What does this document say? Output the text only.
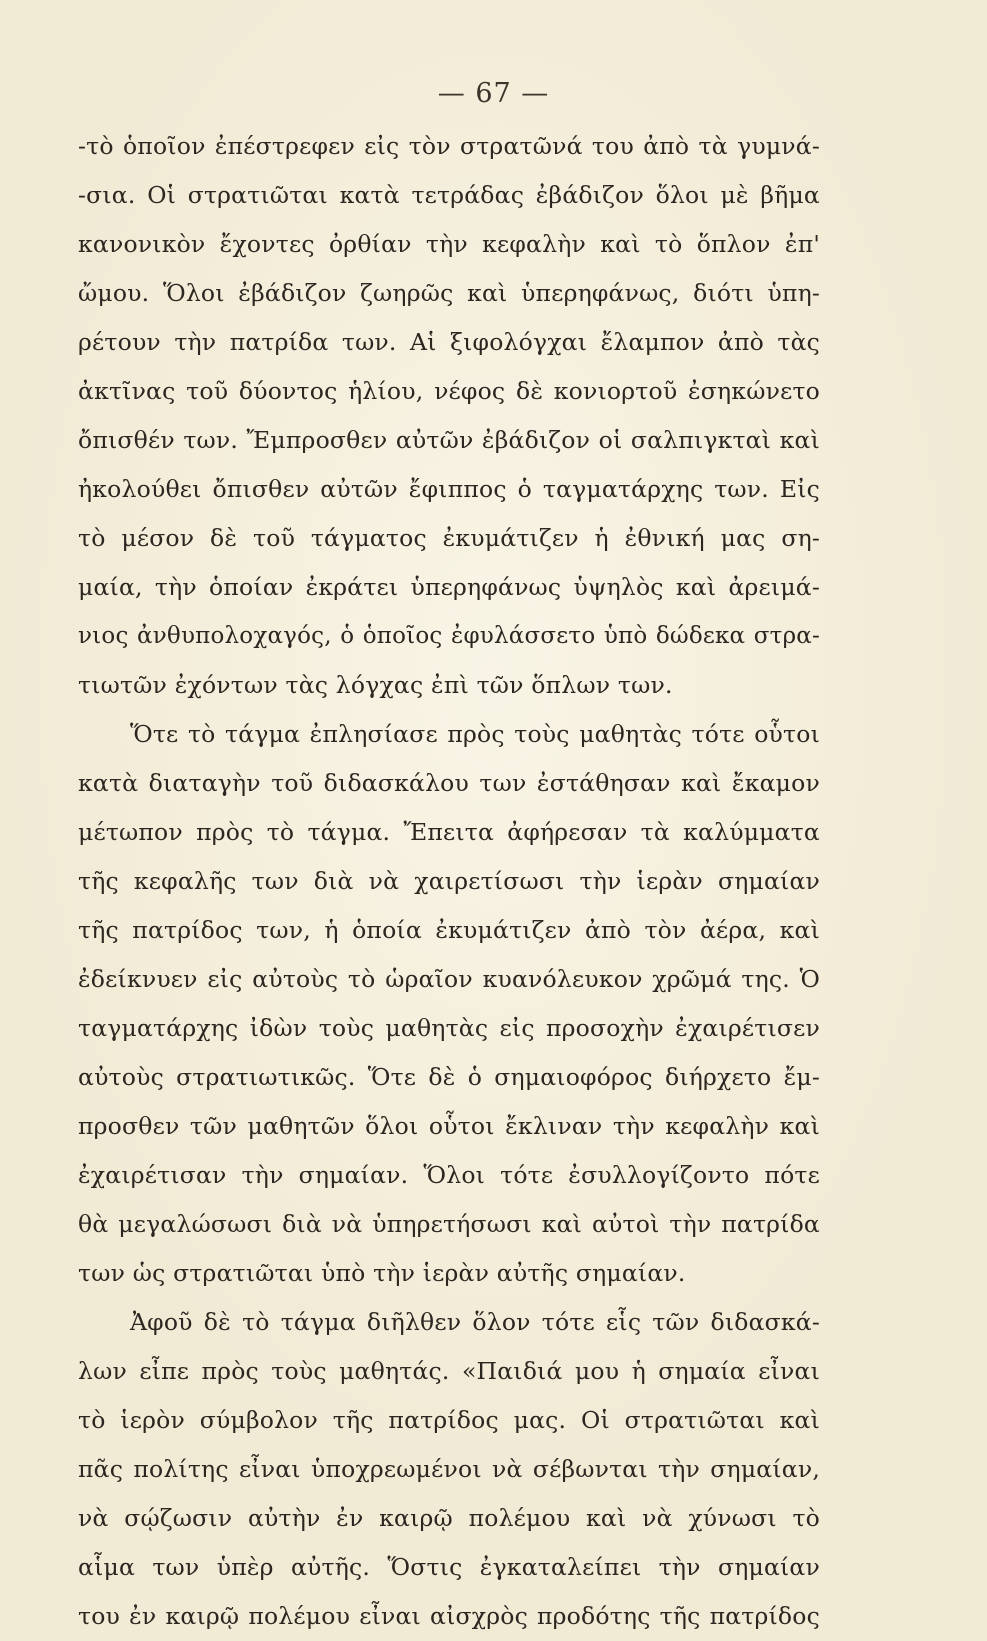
— 67 —
-τὸ ὁποῖον ἐπέστρεφεν εἰς τὸν στρατῶνά του ἀπὸ τὰ γυμνά-
-σια. Οἱ στρατιῶται κατὰ τετράδας ἐβάδιζον ὅλοι μὲ βῆμα
κανονικὸν ἔχοντες ὀρθίαν τὴν κεφαλὴν καὶ τὸ ὅπλον ἐπ'
ὤμου. Ὅλοι ἐβάδιζον ζωηρῶς καὶ ὑπερηφάνως, διότι ὑπη-
ρέτουν τὴν πατρίδα των. Αἱ ξιφολόγχαι ἔλαμπον ἀπὸ τὰς
ἀκτῖνας τοῦ δύοντος ἡλίου, νέφος δὲ κονιορτοῦ ἐσηκώνετο
ὄπισθέν των. Ἔμπροσθεν αὐτῶν ἐβάδιζον οἱ σαλπιγκταὶ καὶ
ἠκολούθει ὄπισθεν αὐτῶν ἔφιππος ὁ ταγματάρχης των. Εἰς
τὸ μέσον δὲ τοῦ τάγματος ἐκυμάτιζεν ἡ ἐθνική μας ση-
μαία, τὴν ὁποίαν ἐκράτει ὑπερηφάνως ὑψηλὸς καὶ ἀρειμά-
νιος ἀνθυπολοχαγός, ὁ ὁποῖος ἐφυλάσσετο ὑπὸ δώδεκα στρα-
τιωτῶν ἐχόντων τὰς λόγχας ἐπὶ τῶν ὅπλων των.
Ὅτε τὸ τάγμα ἐπλησίασε πρὸς τοὺς μαθητὰς τότε οὗτοι
κατὰ διαταγὴν τοῦ διδασκάλου των ἐστάθησαν καὶ ἔκαμον
μέτωπον πρὸς τὸ τάγμα. Ἔπειτα ἀφήρεσαν τὰ καλύμματα
τῆς κεφαλῆς των διὰ νὰ χαιρετίσωσι τὴν ἱερὰν σημαίαν
τῆς πατρίδος των, ἡ ὁποία ἐκυμάτιζεν ἀπὸ τὸν ἀέρα, καὶ
ἐδείκνυεν εἰς αὐτοὺς τὸ ὡραῖον κυανόλευκον χρῶμά της. Ὁ
ταγματάρχης ἰδὼν τοὺς μαθητὰς εἰς προσοχὴν ἐχαιρέτισεν
αὐτοὺς στρατιωτικῶς. Ὅτε δὲ ὁ σημαιοφόρος διήρχετο ἔμ-
προσθεν τῶν μαθητῶν ὅλοι οὗτοι ἔκλιναν τὴν κεφαλὴν καὶ
ἐχαιρέτισαν τὴν σημαίαν. Ὅλοι τότε ἐσυλλογίζοντο πότε
θὰ μεγαλώσωσι διὰ νὰ ὑπηρετήσωσι καὶ αὐτοὶ τὴν πατρίδα
των ὡς στρατιῶται ὑπὸ τὴν ἱερὰν αὐτῆς σημαίαν.
Ἀφοῦ δὲ τὸ τάγμα διῆλθεν ὅλον τότε εἷς τῶν διδασκά-
λων εἶπε πρὸς τοὺς μαθητάς. «Παιδιά μου ἡ σημαία εἶναι
τὸ ἱερὸν σύμβολον τῆς πατρίδος μας. Οἱ στρατιῶται καὶ
πᾶς πολίτης εἶναι ὑποχρεωμένοι νὰ σέβωνται τὴν σημαίαν,
νὰ σῴζωσιν αὐτὴν ἐν καιρῷ πολέμου καὶ νὰ χύνωσι τὸ
αἷμα των ὑπὲρ αὐτῆς. Ὅστις ἐγκαταλείπει τὴν σημαίαν
του ἐν καιρῷ πολέμου εἶναι αἰσχρὸς προδότης τῆς πατρίδος
